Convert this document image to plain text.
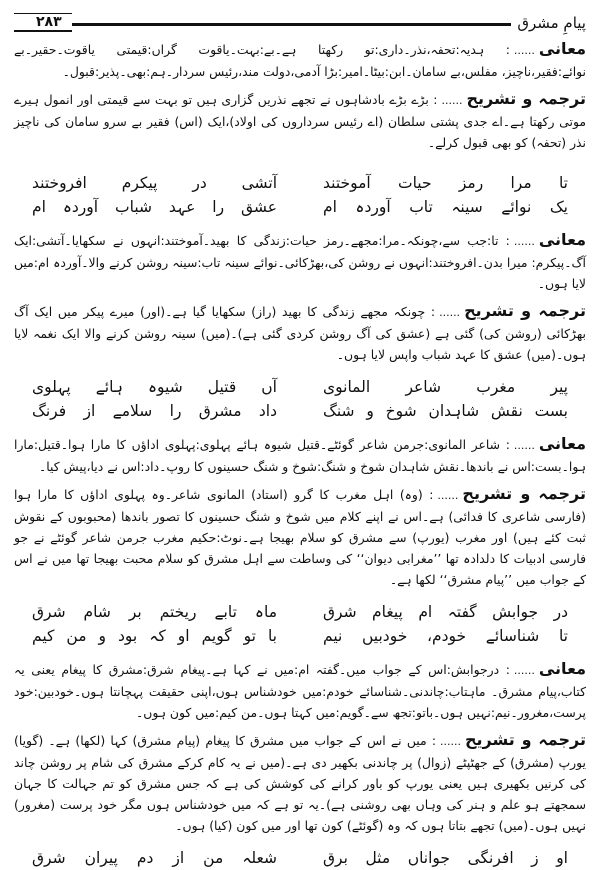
پیامِ مشرق
۲۸۳

معانی......: ہدیہ:تحفہ،نذر۔داری:تو رکھتا ہے۔بے:بہت۔یاقوت گراں:قیمتی یاقوت۔حقیر۔بے نوائے:فقیر،ناچیز، مفلس،بے سامان۔ابن:بیٹا۔امیر:بڑا آدمی،دولت مند،رئیس سردار۔ہم:بھی۔پذیر:قبول۔

ترجمہ و تشریح......: بڑے بڑے بادشاہوں نے تجھے نذریں گزاری ہیں تو بہت سے قیمتی اور انمول ہیرے موتی رکھتا ہے۔اے جدی پشتی سلطان (اے رئیس سرداروں کی اولاد)،ایک (اس) فقیر بے سرو سامان کی ناچیز نذر (تحفہ) کو بھی قبول کرلے۔

تا مرا رمز حیات آموختند
آتشی در پیکرم افروختند
یک نوائے سینہ تاب آوردہ ام
عشق را عہد شباب آوردہ ام

معانی......: تا:جب سے،چونکہ۔مرا:مجھے۔رمز حیات:زندگی کا بھید۔آموختند:انہوں نے سکھایا۔آتشی:ایک آگ۔پیکرم: میرا بدن۔افروختند:انہوں نے روشن کی،بھڑکائی۔نوائے سینہ تاب:سینہ روشن کرنے والا۔آوردہ ام:میں لایا ہوں۔

ترجمہ و تشریح......: چونکہ مجھے زندگی کا بھید (راز) سکھایا گیا ہے۔(اور) میرے پیکر میں ایک آگ بھڑکائی (روشن کی) گئی ہے (عشق کی آگ روشن کردی گئی ہے)۔(میں) سینہ روشن کرنے والا ایک نغمہ لایا ہوں۔(میں) عشق کا عہد شباب واپس لایا ہوں۔

پیر مغرب شاعر المانوی
آں قتیل شیوہ ہائے پہلوی
بست نقش شاہدان شوخ و شنگ
داد مشرق را سلامے از فرنگ

معانی......: شاعر المانوی:جرمن شاعر گوئٹے۔قتیل شیوہ ہائے پہلوی:پہلوی اداؤں کا مارا ہوا۔قتیل:مارا ہوا۔بست:اس نے باندھا۔نقش شاہدان شوخ و شنگ:شوخ و شنگ حسینوں کا روپ۔داد:اس نے دیا،پیش کیا۔

ترجمہ و تشریح......: (وہ) اہل مغرب کا گرو (استاد) المانوی شاعر۔وہ پہلوی اداؤں کا مارا ہوا (فارسی شاعری کا فدائی) ہے۔اس نے اپنے کلام میں شوخ و شنگ حسینوں کا تصور باندھا (محبوبوں کے نقوش ثبت کئے ہیں) اور مغرب (یورپ) سے مشرق کو سلام بھیجا ہے۔نوٹ:حکیم مغرب جرمن شاعر گوئٹے نے جو فارسی ادبیات کا دلدادہ تھا ’’مغرابی دیوان‘‘ کی وساطت سے اہل مشرق کو سلام محبت بھیجا تھا میں نے اس کے جواب میں ’’پیام مشرق‘‘ لکھا ہے۔

در جوابش گفتہ ام پیغام شرق
ماہ تابے ریختم بر شام شرق
تا شناسائے خودم، خودبیں نیم
با تو گویم او کہ بود و من کیم

معانی......: درجوابش:اس کے جواب میں۔گفتہ ام:میں نے کہا ہے۔پیغام شرق:مشرق کا پیغام یعنی یہ کتاب،پیام مشرق۔ ماہتاب:چاندنی۔شناسائے خودم:میں خودشناس ہوں،اپنی حقیقت پہچانتا ہوں۔خودبین:خود پرست،مغرور۔نیم:نہیں ہوں۔باتو:تجھ سے۔گویم:میں کہتا ہوں۔من کیم:میں کون ہوں۔

ترجمہ و تشریح......: میں نے اس کے جواب میں مشرق کا پیغام (پیام مشرق) کہا (لکھا) ہے۔ (گویا) یورپ (مشرق) کے جھٹپٹے (زوال) پر چاندنی بکھیر دی ہے۔(میں نے یہ کام کرکے مشرق کی شام پر روشن چاند کی کرنیں بکھیری ہیں یعنی یورپ کو باور کرانے کی کوشش کی ہے کہ جس مشرق کو تم جہالت کا جہان سمجھتے ہو علم و ہنر کی وہاں بھی روشنی ہے)۔یہ تو ہے کہ میں خودشناس ہوں مگر خود پرست (مغرور) نہیں ہوں۔(میں) تجھے بتاتا ہوں کہ وہ (گوئٹے) کون تھا اور میں کون (کیا) ہوں۔

او ز افرنگی جواناں مثل برق
شعلہ من از دم پیران شرق
